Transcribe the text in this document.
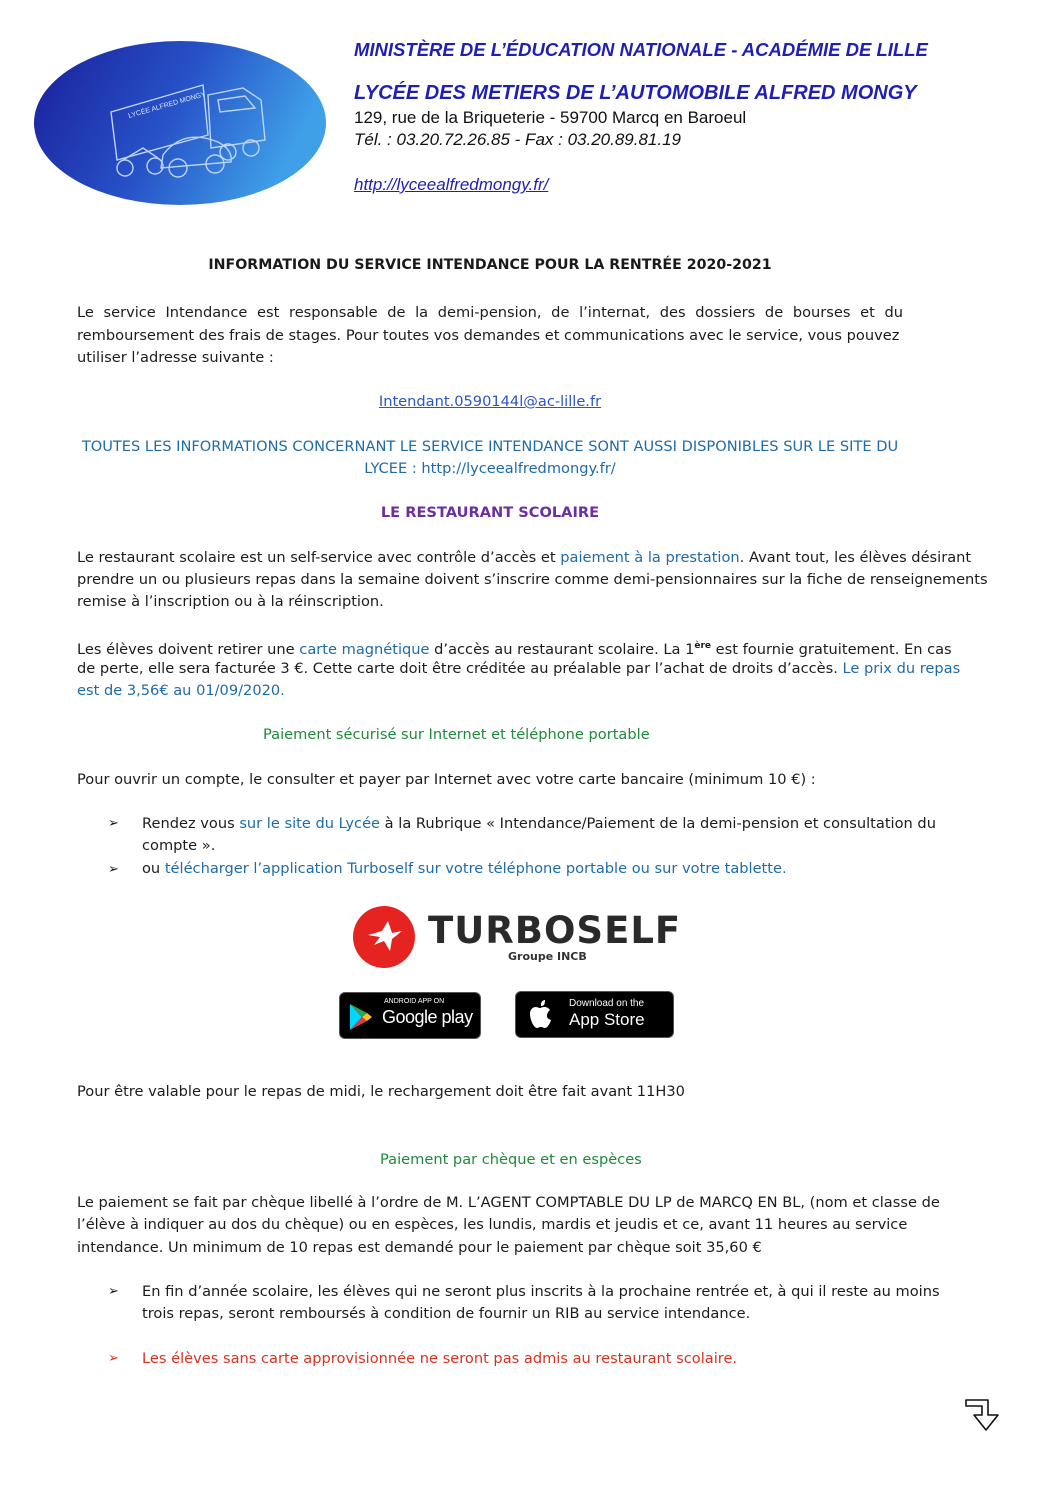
LYCÉE ALFRED MONGY
MINISTÈRE DE L’ÉDUCATION NATIONALE - ACADÉMIE DE LILLE
LYCÉE DES METIERS DE L’AUTOMOBILE ALFRED MONGY
129, rue de la Briqueterie - 59700 Marcq en Baroeul
Tél. : 03.20.72.26.85 - Fax : 03.20.89.81.19
http://lyceealfredmongy.fr/
INFORMATION DU SERVICE INTENDANCE POUR LA RENTRÉE 2020-2021
Le service Intendance est responsable de la demi-pension, de l’internat, des dossiers de bourses et du
remboursement des frais de stages. Pour toutes vos demandes et communications avec le service, vous pouvez
utiliser l’adresse suivante :
Intendant.0590144l@ac-lille.fr
TOUTES LES INFORMATIONS CONCERNANT LE SERVICE INTENDANCE SONT AUSSI DISPONIBLES SUR LE SITE DU
LYCEE : http://lyceealfredmongy.fr/
LE RESTAURANT SCOLAIRE
Le restaurant scolaire est un self-service avec contrôle d’accès et paiement à la prestation. Avant tout, les élèves désirant
prendre un ou plusieurs repas dans la semaine doivent s’inscrire comme demi-pensionnaires sur la fiche de renseignements
remise à l’inscription ou à la réinscription.
Les élèves doivent retirer une carte magnétique d’accès au restaurant scolaire. La 1ère est fournie gratuitement. En cas
de perte, elle sera facturée 3 €. Cette carte doit être créditée au préalable par l’achat de droits d’accès. Le prix du repas
est de 3,56€ au 01/09/2020.
Paiement sécurisé sur Internet et téléphone portable
Pour ouvrir un compte, le consulter et payer par Internet avec votre carte bancaire (minimum 10 €) :
➢ Rendez vous sur le site du Lycée à la Rubrique « Intendance/Paiement de la demi-pension et consultation du
compte ».
➢ ou télécharger l’application Turboself sur votre téléphone portable ou sur votre tablette.
TURBOSELF
Groupe INCB
ANDROID APP ON
Google play
Download on the
App Store
Pour être valable pour le repas de midi, le rechargement doit être fait avant 11H30
Paiement par chèque et en espèces
Le paiement se fait par chèque libellé à l’ordre de M. L’AGENT COMPTABLE DU LP de MARCQ EN BL, (nom et classe de
l’élève à indiquer au dos du chèque) ou en espèces, les lundis, mardis et jeudis et ce, avant 11 heures au service
intendance. Un minimum de 10 repas est demandé pour le paiement par chèque soit 35,60 €
➢ En fin d’année scolaire, les élèves qui ne seront plus inscrits à la prochaine rentrée et, à qui il reste au moins
trois repas, seront remboursés à condition de fournir un RIB au service intendance.
➢ Les élèves sans carte approvisionnée ne seront pas admis au restaurant scolaire.
